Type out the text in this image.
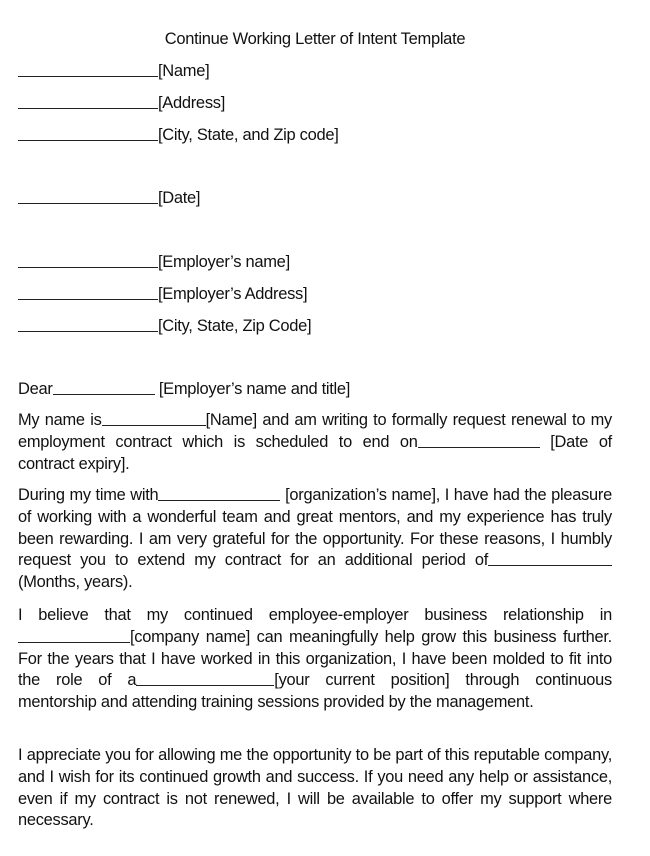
Continue Working Letter of Intent Template
[Name]
[Address]
[City, State, and Zip code]
[Date]
[Employer’s name]
[Employer’s Address]
[City, State, Zip Code]
Dear	[Employer’s name and title]
My name is	[Name] and am writing to formally request renewal to my employment contract which is scheduled to end on	[Date of contract expiry].
During my time with	[organization’s name], I have had the pleasure of working with a wonderful team and great mentors, and my experience has truly been rewarding. I am very grateful for the opportunity. For these reasons, I humbly request you to extend my contract for an additional period of (Months, years).
I believe that my continued employee-employer business relationship in [company name] can meaningfully help grow this business further. For the years that I have worked in this organization, I have been molded to fit into the role of a	[your current position] through continuous mentorship and attending training sessions provided by the management.
I appreciate you for allowing me the opportunity to be part of this reputable company, and I wish for its continued growth and success. If you need any help or assistance, even if my contract is not renewed, I will be available to offer my support where necessary.
